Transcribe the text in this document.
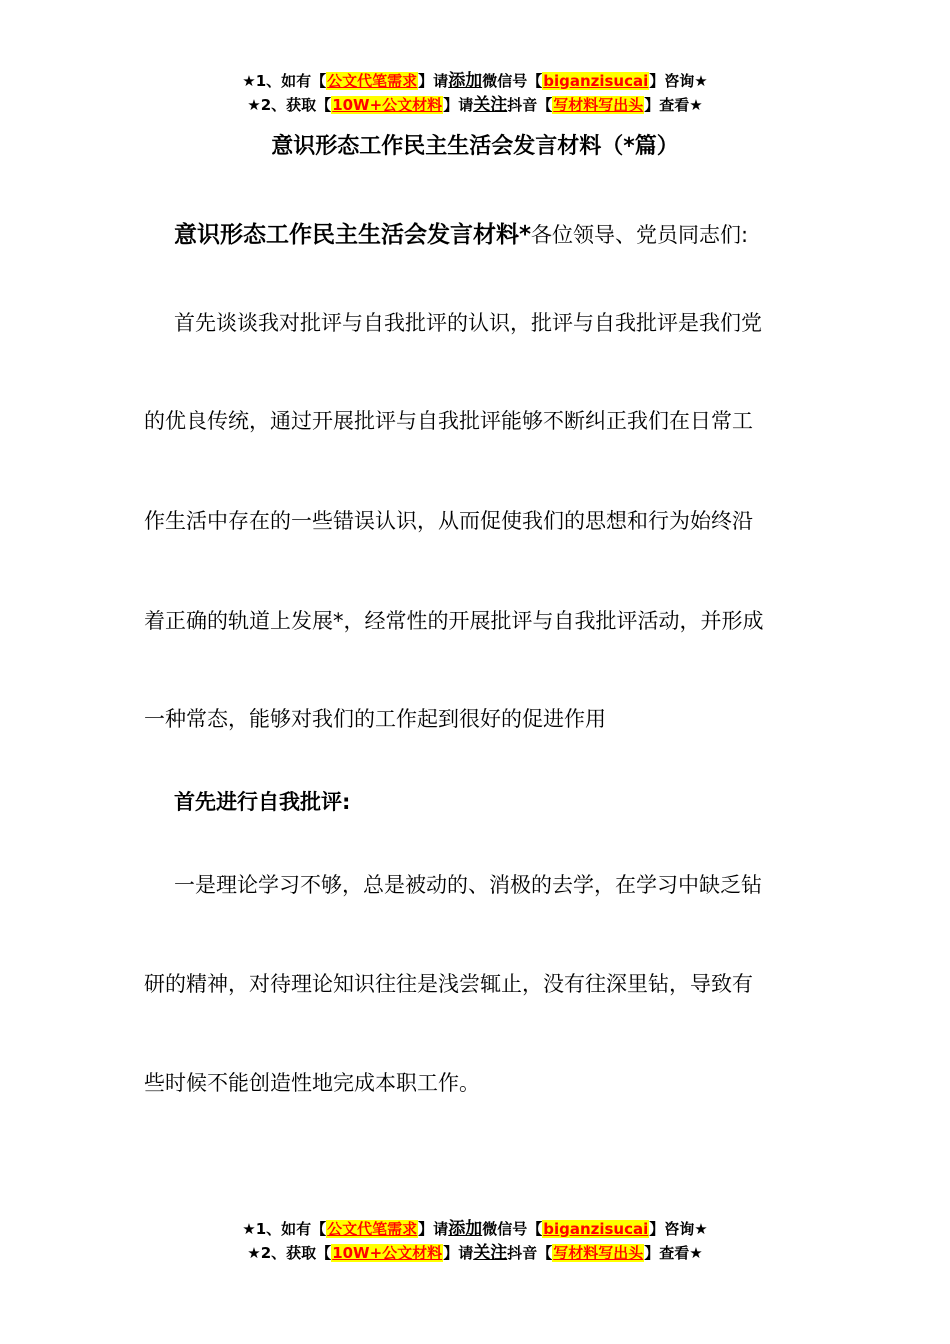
★1、如有【公文代笔需求】请添加微信号【biganzisucai】咨询★
★2、获取【10W+公文材料】请关注抖音【写材料写出头】查看★
意识形态工作民主生活会发言材料（*篇）
意识形态工作民主生活会发言材料*各位领导、党员同志们:
首先谈谈我对批评与自我批评的认识，批评与自我批评是我们党
的优良传统，通过开展批评与自我批评能够不断纠正我们在日常工
作生活中存在的一些错误认识，从而促使我们的思想和行为始终沿
着正确的轨道上发展*，经常性的开展批评与自我批评活动，并形成
一种常态，能够对我们的工作起到很好的促进作用
首先进行自我批评:
一是理论学习不够，总是被动的、消极的去学，在学习中缺乏钻
研的精神，对待理论知识往往是浅尝辄止，没有往深里钻，导致有
些时候不能创造性地完成本职工作。
★1、如有【公文代笔需求】请添加微信号【biganzisucai】咨询★
★2、获取【10W+公文材料】请关注抖音【写材料写出头】查看★
